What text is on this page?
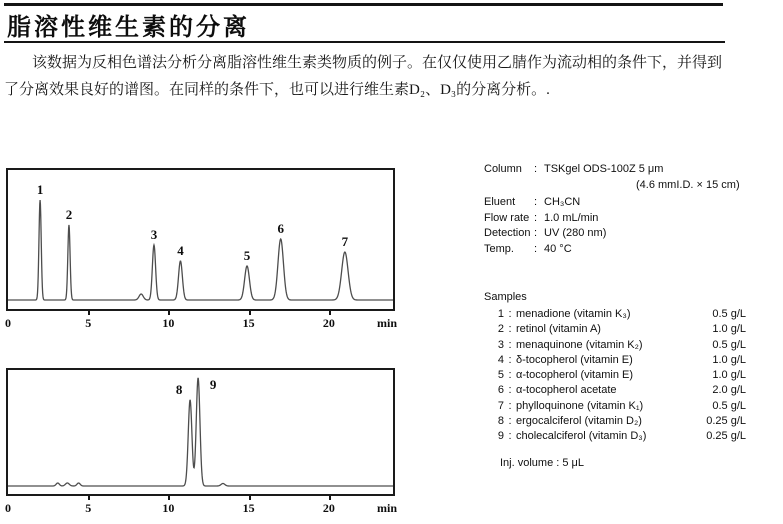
脂溶性维生素的分离
该数据为反相色谱法分析分离脂溶性维生素类物质的例子。在仅仅使用乙腈作为流动相的条件下，并得到
了分离效果良好的谱图。在同样的条件下，也可以进行维生素D₂、D₃的分离分析。.
1
2
3
4	5
6
7
0	5	10	15	20	min
8 9
0	5	10	15	20	min
Column : TSKgel ODS-100Z 5 μm
(4.6 mmI.D. × 15 cm)
Eluent : CH₃CN
Flow rate : 1.0 mL/min
Detection : UV (280 nm)
Temp. : 40 °C
Samples
1 : menadione (vitamin K₃)	0.5 g/L
2 : retinol (vitamin A)	1.0 g/L
3 : menaquinone (vitamin K₂)	0.5 g/L
4 : δ-tocopherol (vitamin E)	1.0 g/L
5 : α-tocopherol (vitamin E)	1.0 g/L
6 : α-tocopherol acetate	2.0 g/L
7 : phylloquinone (vitamin K₁)	0.5 g/L
8 : ergocalciferol (vitamin D₂)	0.25 g/L
9 : cholecalciferol (vitamin D₃)	0.25 g/L
Inj. volume : 5 μL
